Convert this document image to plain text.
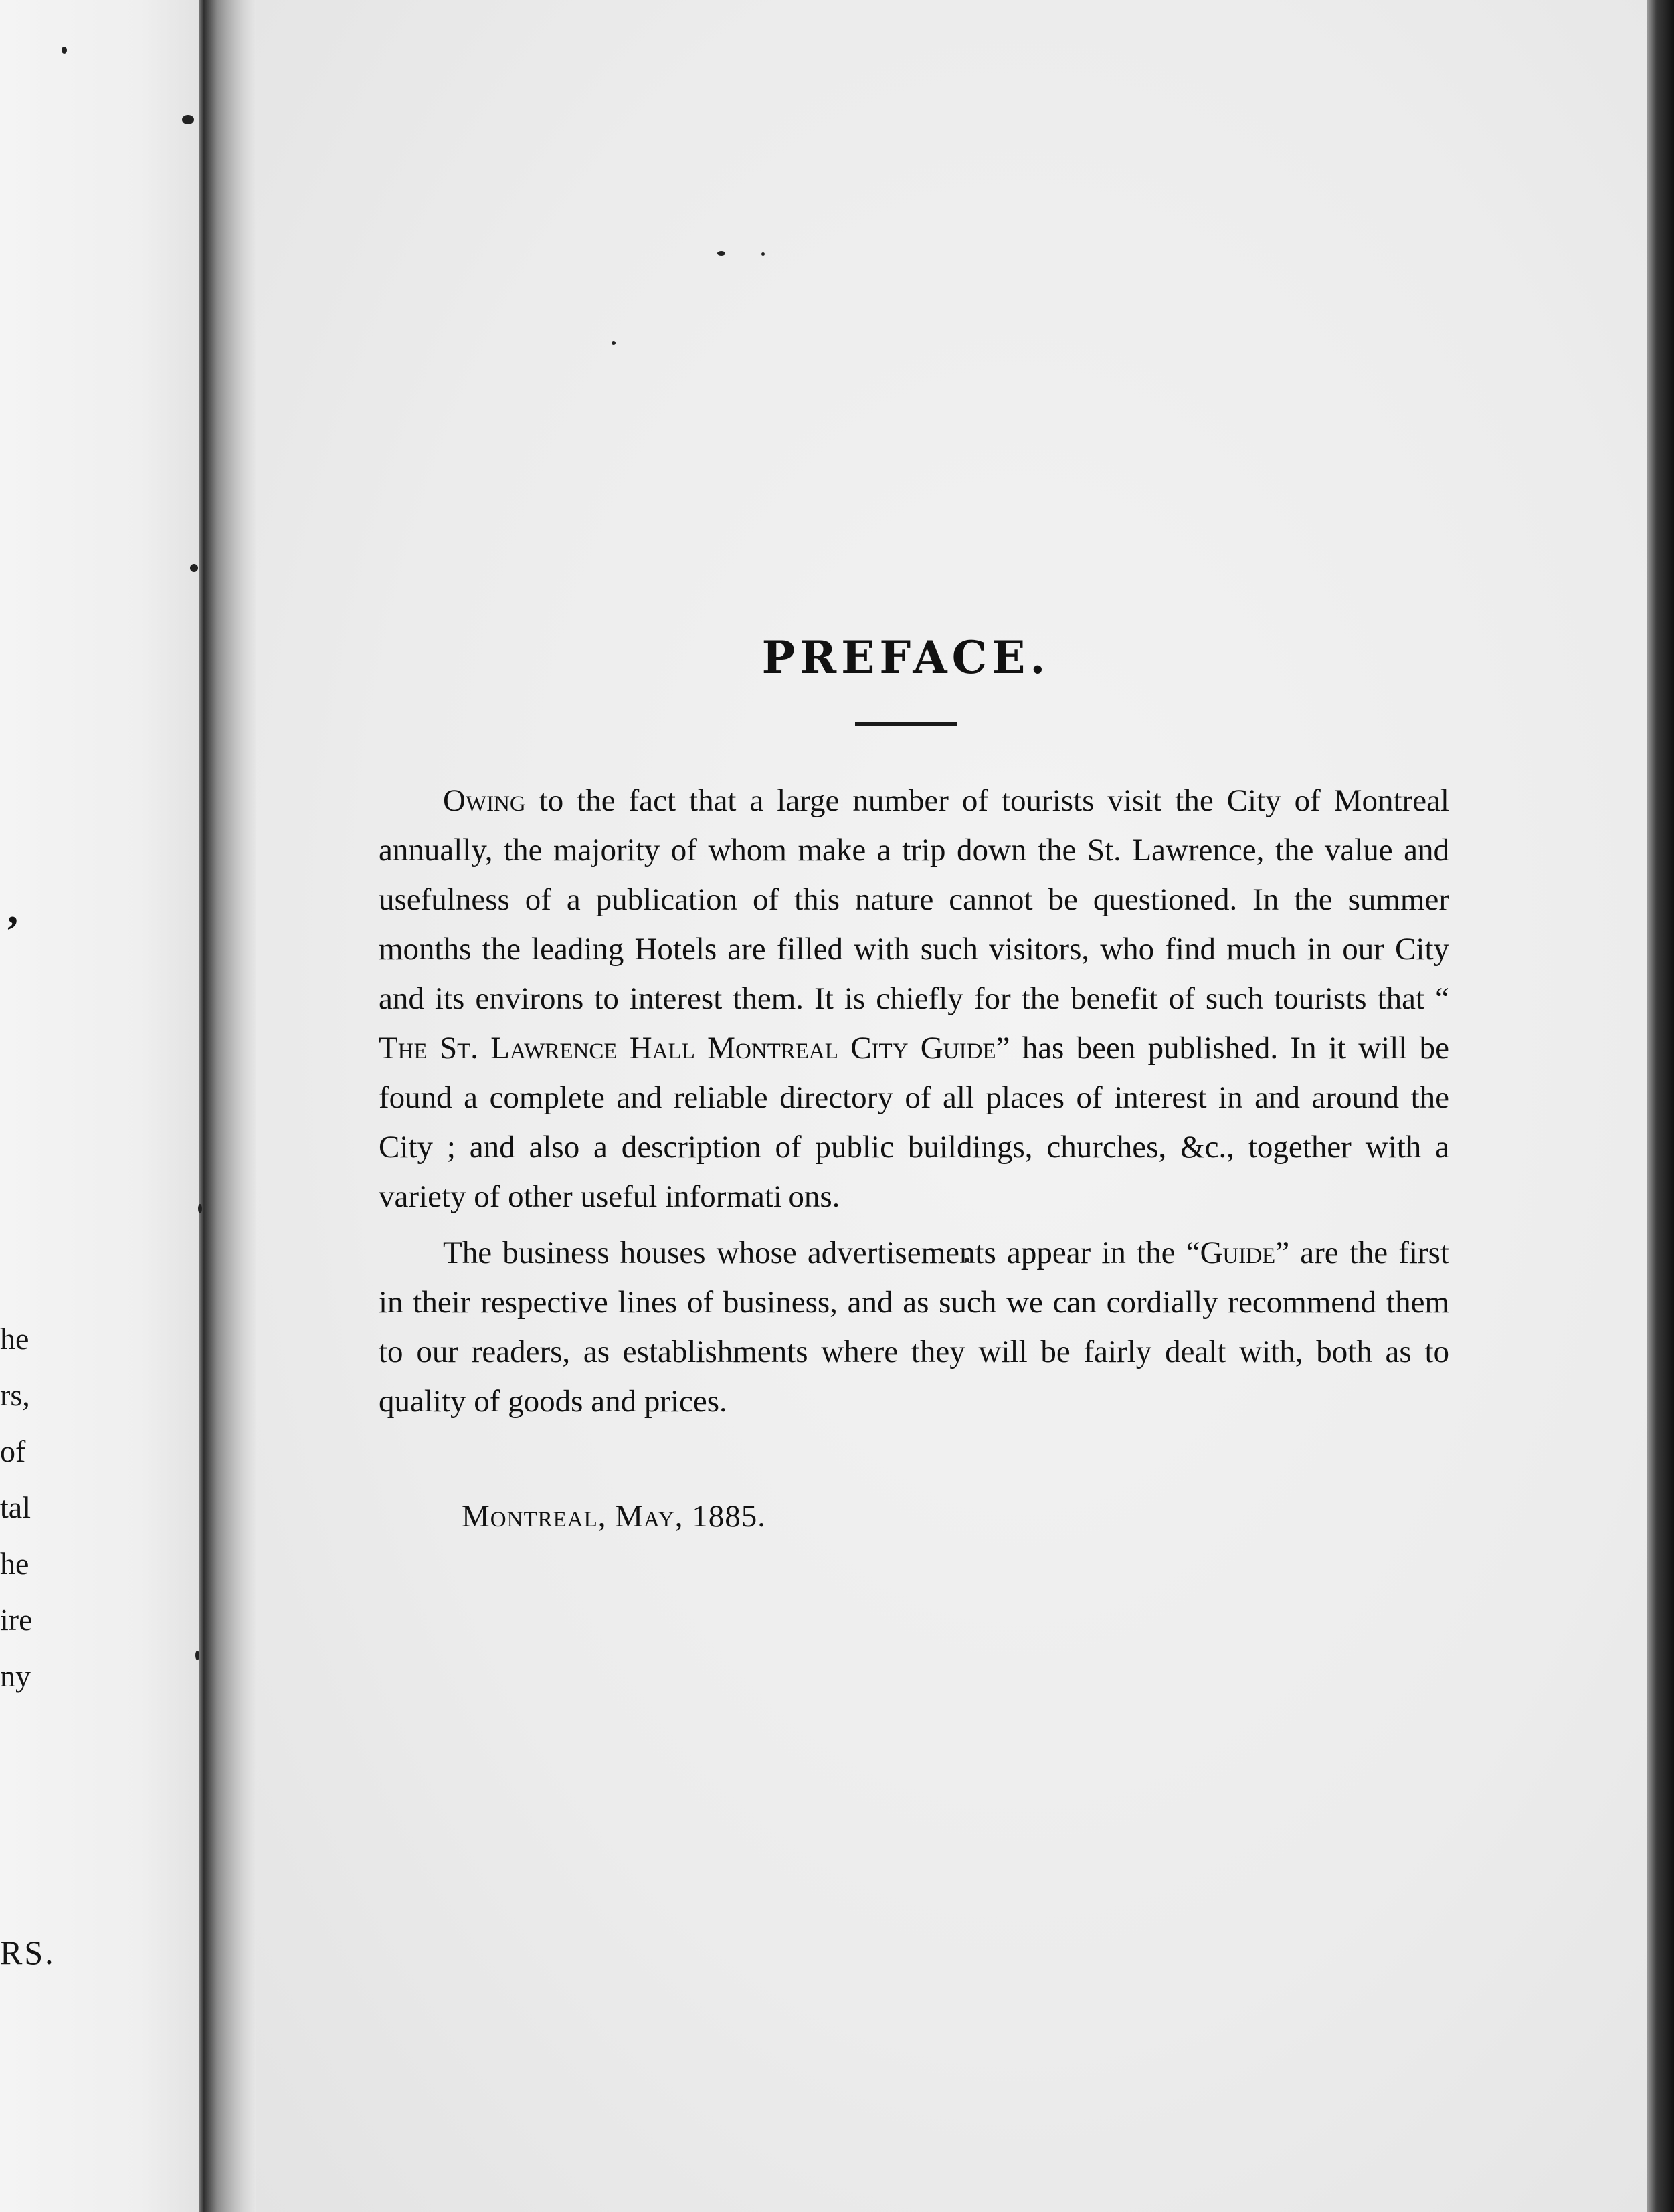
’
he
rs,
of
tal
he
ire
ny
RS.
PREFACE.

Owing to the fact that a large number of tourists visit the City of Montreal annually, the majority of whom make a trip down the St. Lawrence, the value and usefulness of a publication of this nature cannot be questioned. In the summer months the leading Hotels are filled with such visitors, who find much in our City and its environs to interest them. It is chiefly for the benefit of such tourists that “ The St. Lawrence Hall Montreal City Guide” has been published. In it will be found a complete and reliable directory of all places of interest in and around the City ; and also a description of public buildings, churches, &c., together with a variety of other useful informati ons.

The business houses whose advertisements appear in the “Guide” are the first in their respective lines of business, and as such we can cordially recommend them to our readers, as establishments where they will be fairly dealt with, both as to quality of goods and prices.

Montreal, May, 1885.
